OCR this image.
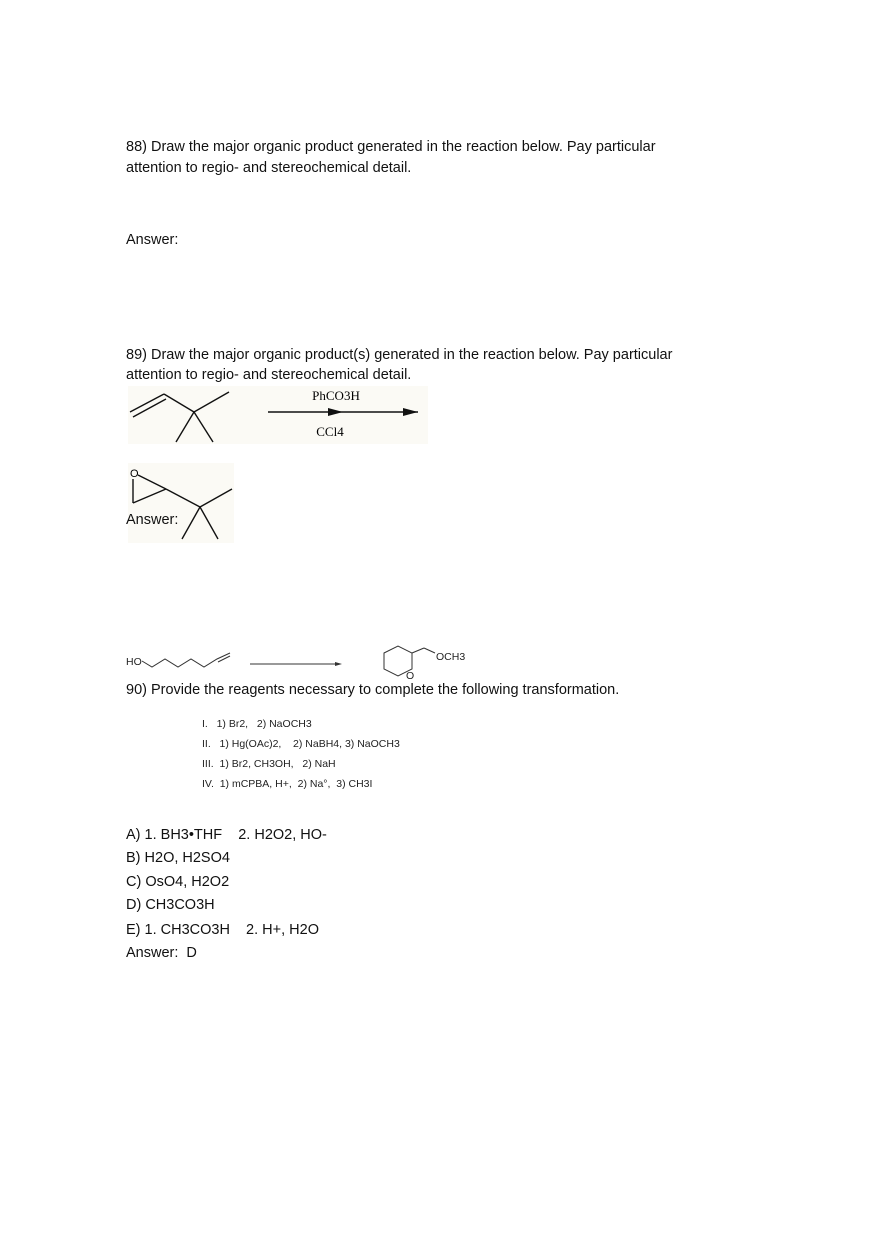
88) Draw the major organic product generated in the reaction below. Pay particular
attention to regio- and stereochemical detail.
Answer:
89) Draw the major organic product(s) generated in the reaction below. Pay particular
attention to regio- and stereochemical detail.
PhCO3H
CCl4
O
Answer:
HO	OCH3
O
90) Provide the reagents necessary to complete the following transformation.
I.   1) Br2,   2) NaOCH3
II.   1) Hg(OAc)2,    2) NaBH4, 3) NaOCH3
III.  1) Br2, CH3OH,   2) NaH
IV.  1) mCPBA, H+,  2) Na°,  3) CH3I
A) 1. BH3•THF    2. H2O2, HO-
B) H2O, H2SO4
C) OsO4, H2O2
D) CH3CO3H
E) 1. CH3CO3H    2. H+, H2O
Answer:  D
